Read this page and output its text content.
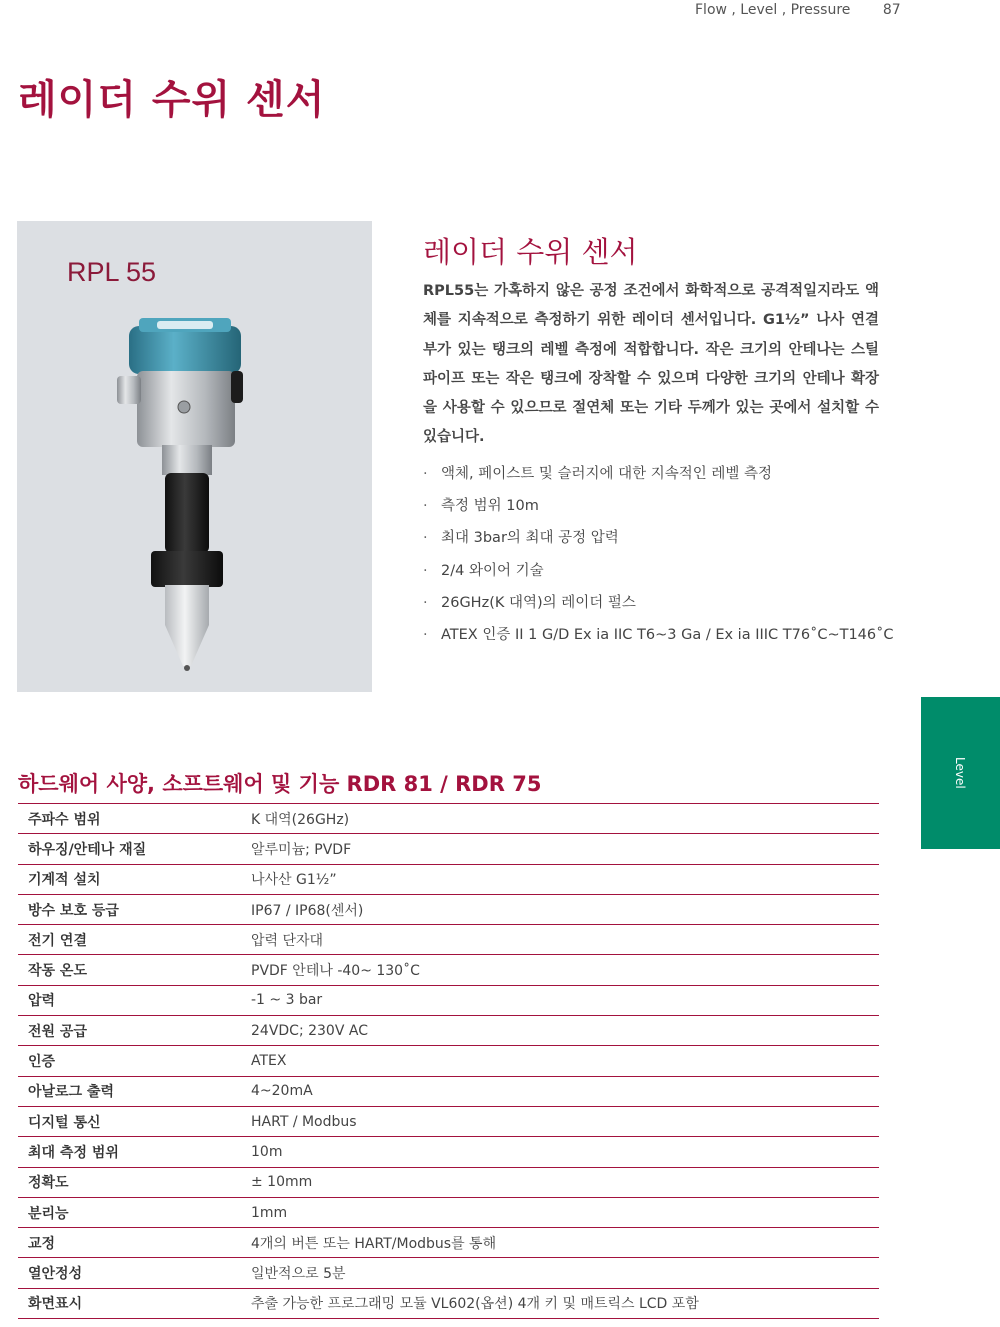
Flow , Level , Pressure 87
레이더 수위 센서
RPL 55
레이더 수위 센서

RPL55는 가혹하지 않은 공정 조건에서 화학적으로 공격적일지라도 액체를 지속적으로 측정하기 위한 레이더 센서입니다. G1½” 나사 연결부가 있는 탱크의 레벨 측정에 적합합니다. 작은 크기의 안테나는 스틸 파이프 또는 작은 탱크에 장착할 수 있으며 다양한 크기의 안테나 확장을 사용할 수 있으므로 절연체 또는 기타 두께가 있는 곳에서 설치할 수 있습니다.

· 액체, 페이스트 및 슬러지에 대한 지속적인 레벨 측정
· 측정 범위 10m
· 최대 3bar의 최대 공정 압력
· 2/4 와이어 기술
· 26GHz(K 대역)의 레이더 펄스
· ATEX 인증 II 1 G/D Ex ia IIC T6~3 Ga / Ex ia IIIC T76˚C~T146˚C
Level
하드웨어 사양, 소프트웨어 및 기능 RDR 81 / RDR 75
주파수 범위	K 대역(26GHz)
하우징/안테나 재질	알루미늄; PVDF
기계적 설치	나사산 G1½”
방수 보호 등급	IP67 / IP68(센서)
전기 연결	압력 단자대
작동 온도	PVDF 안테나 -40~ 130˚C
압력	-1 ~ 3 bar
전원 공급	24VDC; 230V AC
인증	ATEX
아날로그 출력	4~20mA
디지털 통신	HART / Modbus
최대 측정 범위	10m
정확도	± 10mm
분리능	1mm
교정	4개의 버튼 또는 HART/Modbus를 통해
열안정성	일반적으로 5분
화면표시	추출 가능한 프로그래밍 모듈 VL602(옵션) 4개 키 및 매트릭스 LCD 포함
